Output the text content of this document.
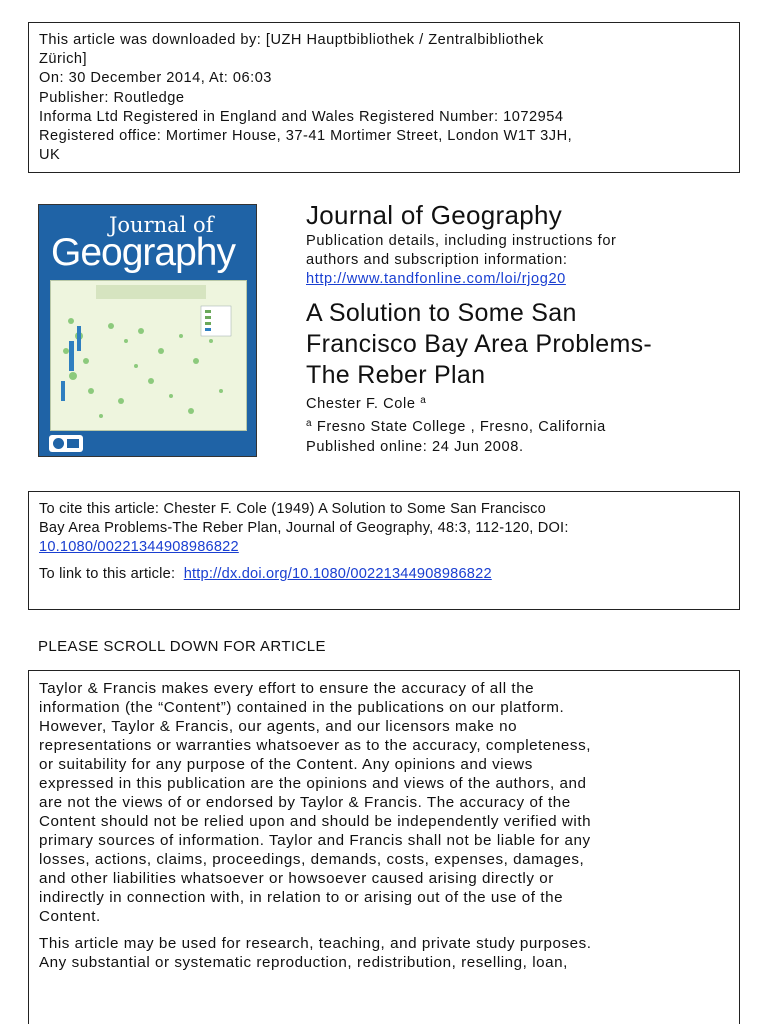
This article was downloaded by: [UZH Hauptbibliothek / Zentralbibliothek
Zürich]
On: 30 December 2014, At: 06:03
Publisher: Routledge
Informa Ltd Registered in England and Wales Registered Number: 1072954
Registered office: Mortimer House, 37-41 Mortimer Street, London W1T 3JH,
UK
Journal of
Geography
Journal of Geography
Publication details, including instructions for
authors and subscription information:
http://www.tandfonline.com/loi/rjog20
A Solution to Some San
Francisco Bay Area Problems-
The Reber Plan
Chester F. Cole $^a$
$^a$ Fresno State College , Fresno, California
Published online: 24 Jun 2008.
To cite this article: Chester F. Cole (1949) A Solution to Some San Francisco
Bay Area Problems-The Reber Plan, Journal of Geography, 48:3, 112-120, DOI:
10.1080/00221344908986822
To link to this article: http://dx.doi.org/10.1080/00221344908986822
PLEASE SCROLL DOWN FOR ARTICLE
Taylor & Francis makes every effort to ensure the accuracy of all the
information (the “Content”) contained in the publications on our platform.
However, Taylor & Francis, our agents, and our licensors make no
representations or warranties whatsoever as to the accuracy, completeness,
or suitability for any purpose of the Content. Any opinions and views
expressed in this publication are the opinions and views of the authors, and
are not the views of or endorsed by Taylor & Francis. The accuracy of the
Content should not be relied upon and should be independently verified with
primary sources of information. Taylor and Francis shall not be liable for any
losses, actions, claims, proceedings, demands, costs, expenses, damages,
and other liabilities whatsoever or howsoever caused arising directly or
indirectly in connection with, in relation to or arising out of the use of the
Content.
This article may be used for research, teaching, and private study purposes.
Any substantial or systematic reproduction, redistribution, reselling, loan,
